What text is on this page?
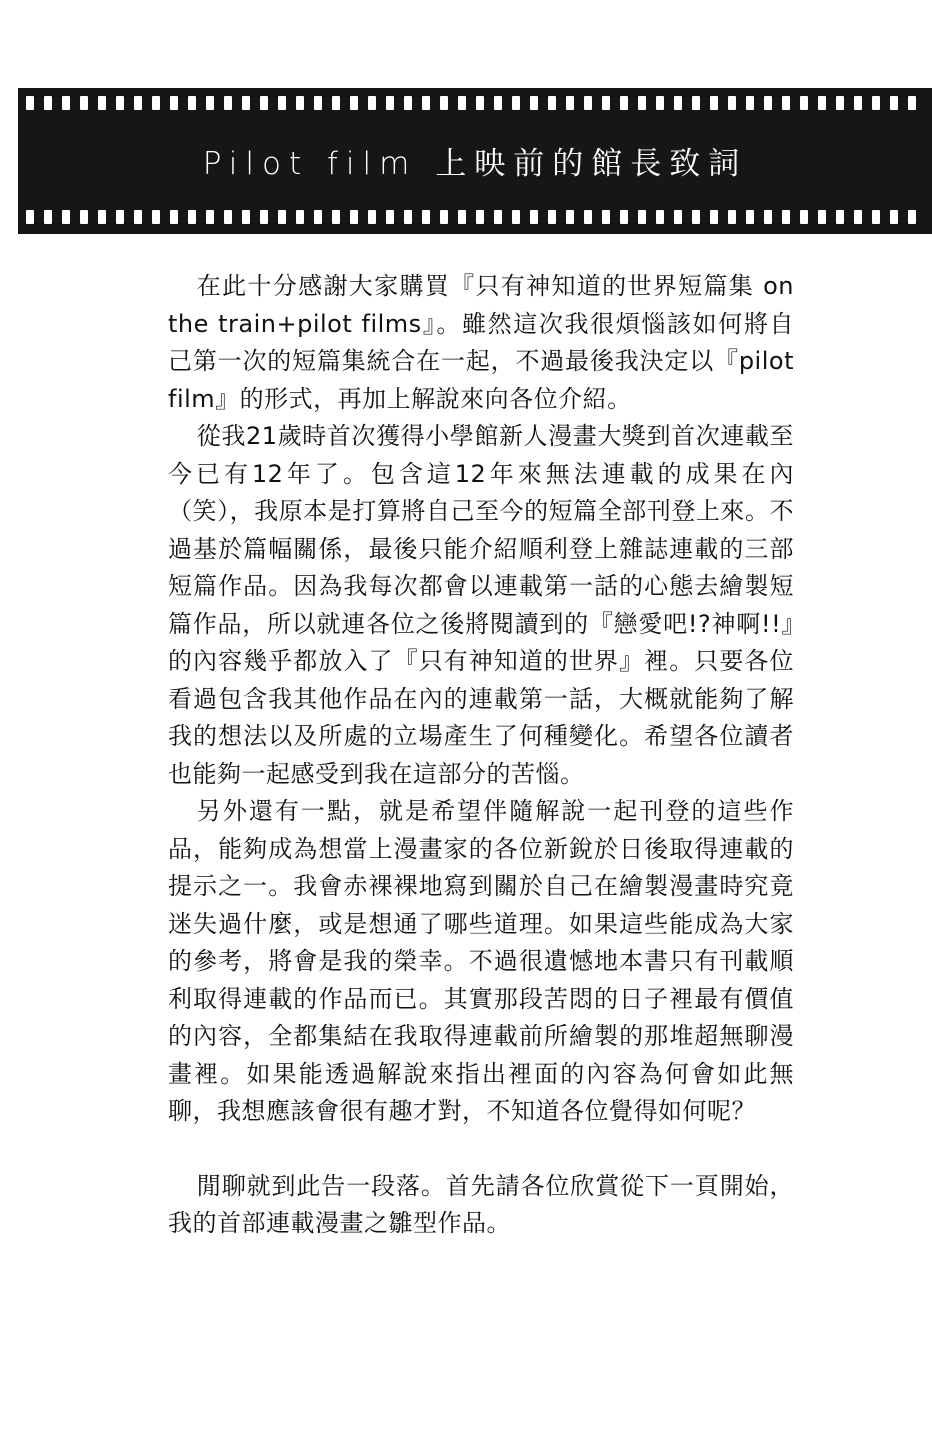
Pilot film 上映前的館長致詞

在此十分感謝大家購買『只有神知道的世界短篇集 on the train+pilot films』。雖然這次我很煩惱該如何將自己第一次的短篇集統合在一起，不過最後我決定以『pilot film』的形式，再加上解說來向各位介紹。

從我21歲時首次獲得小學館新人漫畫大獎到首次連載至今已有12年了。包含這12年來無法連載的成果在內（笑），我原本是打算將自己至今的短篇全部刊登上來。不過基於篇幅關係，最後只能介紹順利登上雜誌連載的三部短篇作品。因為我每次都會以連載第一話的心態去繪製短篇作品，所以就連各位之後將閱讀到的『戀愛吧!?神啊!!』的內容幾乎都放入了『只有神知道的世界』裡。只要各位看過包含我其他作品在內的連載第一話，大概就能夠了解我的想法以及所處的立場產生了何種變化。希望各位讀者也能夠一起感受到我在這部分的苦惱。

另外還有一點，就是希望伴隨解說一起刊登的這些作品，能夠成為想當上漫畫家的各位新銳於日後取得連載的提示之一。我會赤裸裸地寫到關於自己在繪製漫畫時究竟迷失過什麼，或是想通了哪些道理。如果這些能成為大家的參考，將會是我的榮幸。不過很遺憾地本書只有刊載順利取得連載的作品而已。其實那段苦悶的日子裡最有價值的內容，全都集結在我取得連載前所繪製的那堆超無聊漫畫裡。如果能透過解說來指出裡面的內容為何會如此無聊，我想應該會很有趣才對，不知道各位覺得如何呢？

閒聊就到此告一段落。首先請各位欣賞從下一頁開始，我的首部連載漫畫之雛型作品。
